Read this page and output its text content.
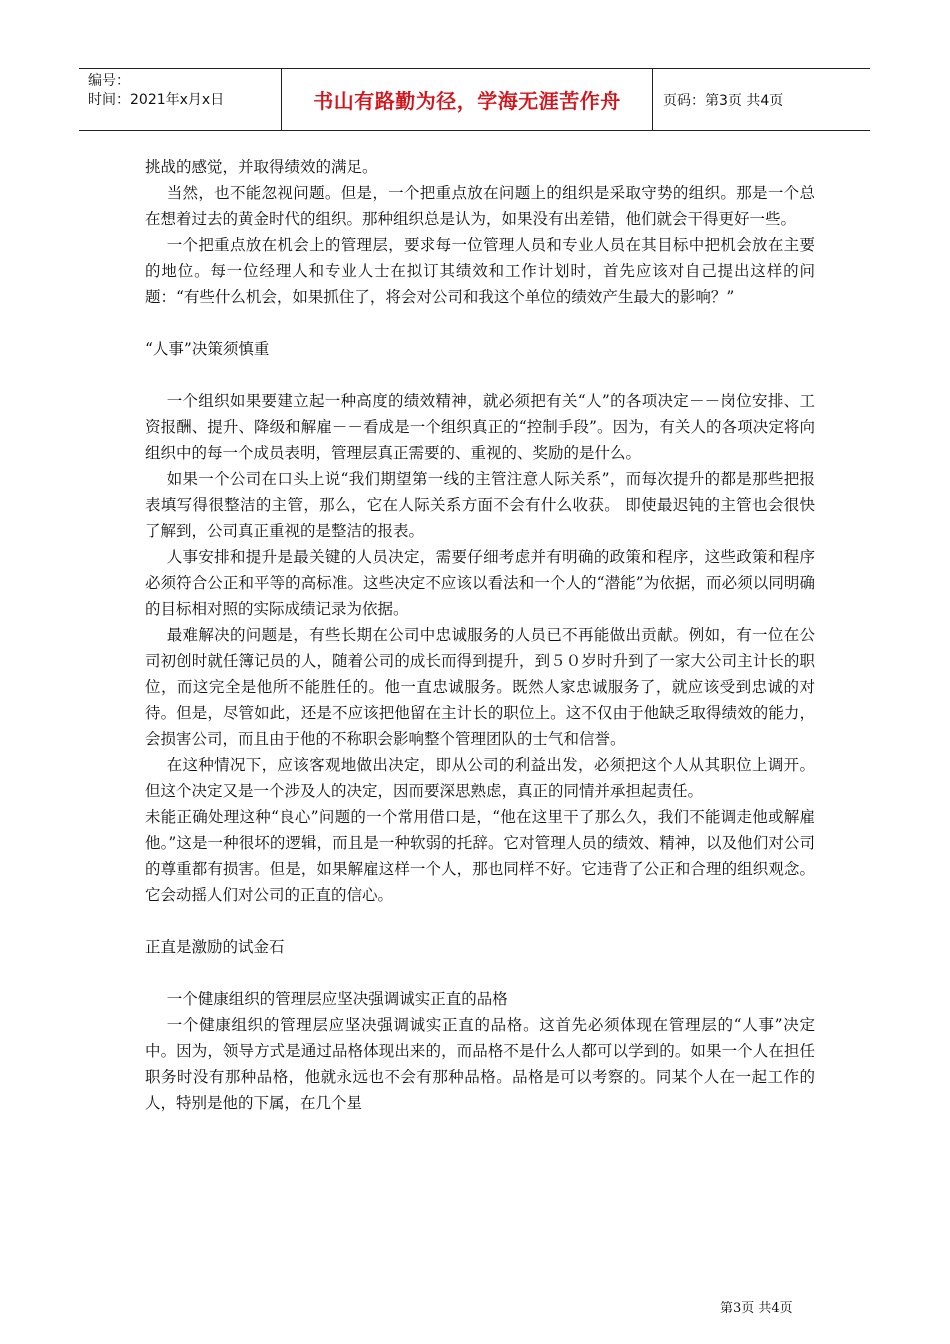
编号：
时间：2021年x月x日	书山有路勤为径，学海无涯苦作舟	页码：第3页 共4页

挑战的感觉，并取得绩效的满足。

当然，也不能忽视问题。但是，一个把重点放在问题上的组织是采取守势的组织。那是一个总在想着过去的黄金时代的组织。那种组织总是认为，如果没有出差错，他们就会干得更好一些。

一个把重点放在机会上的管理层，要求每一位管理人员和专业人员在其目标中把机会放在主要的地位。每一位经理人和专业人士在拟订其绩效和工作计划时，首先应该对自己提出这样的问题：“有些什么机会，如果抓住了，将会对公司和我这个单位的绩效产生最大的影响？”

“人事”决策须慎重

一个组织如果要建立起一种高度的绩效精神，就必须把有关“人”的各项决定－－岗位安排、工资报酬、提升、降级和解雇－－看成是一个组织真正的“控制手段”。因为，有关人的各项决定将向组织中的每一个成员表明，管理层真正需要的、重视的、奖励的是什么。

如果一个公司在口头上说“我们期望第一线的主管注意人际关系”，而每次提升的都是那些把报表填写得很整洁的主管，那么，它在人际关系方面不会有什么收获。 即使最迟钝的主管也会很快了解到，公司真正重视的是整洁的报表。

人事安排和提升是最关键的人员决定，需要仔细考虑并有明确的政策和程序，这些政策和程序必须符合公正和平等的高标准。这些决定不应该以看法和一个人的“潜能”为依据，而必须以同明确的目标相对照的实际成绩记录为依据。

最难解决的问题是，有些长期在公司中忠诚服务的人员已不再能做出贡献。例如，有一位在公司初创时就任簿记员的人，随着公司的成长而得到提升，到５０岁时升到了一家大公司主计长的职位，而这完全是他所不能胜任的。他一直忠诚服务。既然人家忠诚服务了，就应该受到忠诚的对待。但是，尽管如此，还是不应该把他留在主计长的职位上。这不仅由于他缺乏取得绩效的能力，会损害公司，而且由于他的不称职会影响整个管理团队的士气和信誉。

在这种情况下，应该客观地做出决定，即从公司的利益出发，必须把这个人从其职位上调开。但这个决定又是一个涉及人的决定，因而要深思熟虑，真正的同情并承担起责任。

未能正确处理这种“良心”问题的一个常用借口是，“他在这里干了那么久，我们不能调走他或解雇他。”这是一种很坏的逻辑，而且是一种软弱的托辞。它对管理人员的绩效、精神，以及他们对公司的尊重都有损害。但是，如果解雇这样一个人，那也同样不好。它违背了公正和合理的组织观念。它会动摇人们对公司的正直的信心。

正直是激励的试金石

一个健康组织的管理层应坚决强调诚实正直的品格

一个健康组织的管理层应坚决强调诚实正直的品格。这首先必须体现在管理层的“人事”决定中。因为，领导方式是通过品格体现出来的，而品格不是什么人都可以学到的。如果一个人在担任职务时没有那种品格，他就永远也不会有那种品格。品格是可以考察的。同某个人在一起工作的人，特别是他的下属，在几个星

第3页 共4页
